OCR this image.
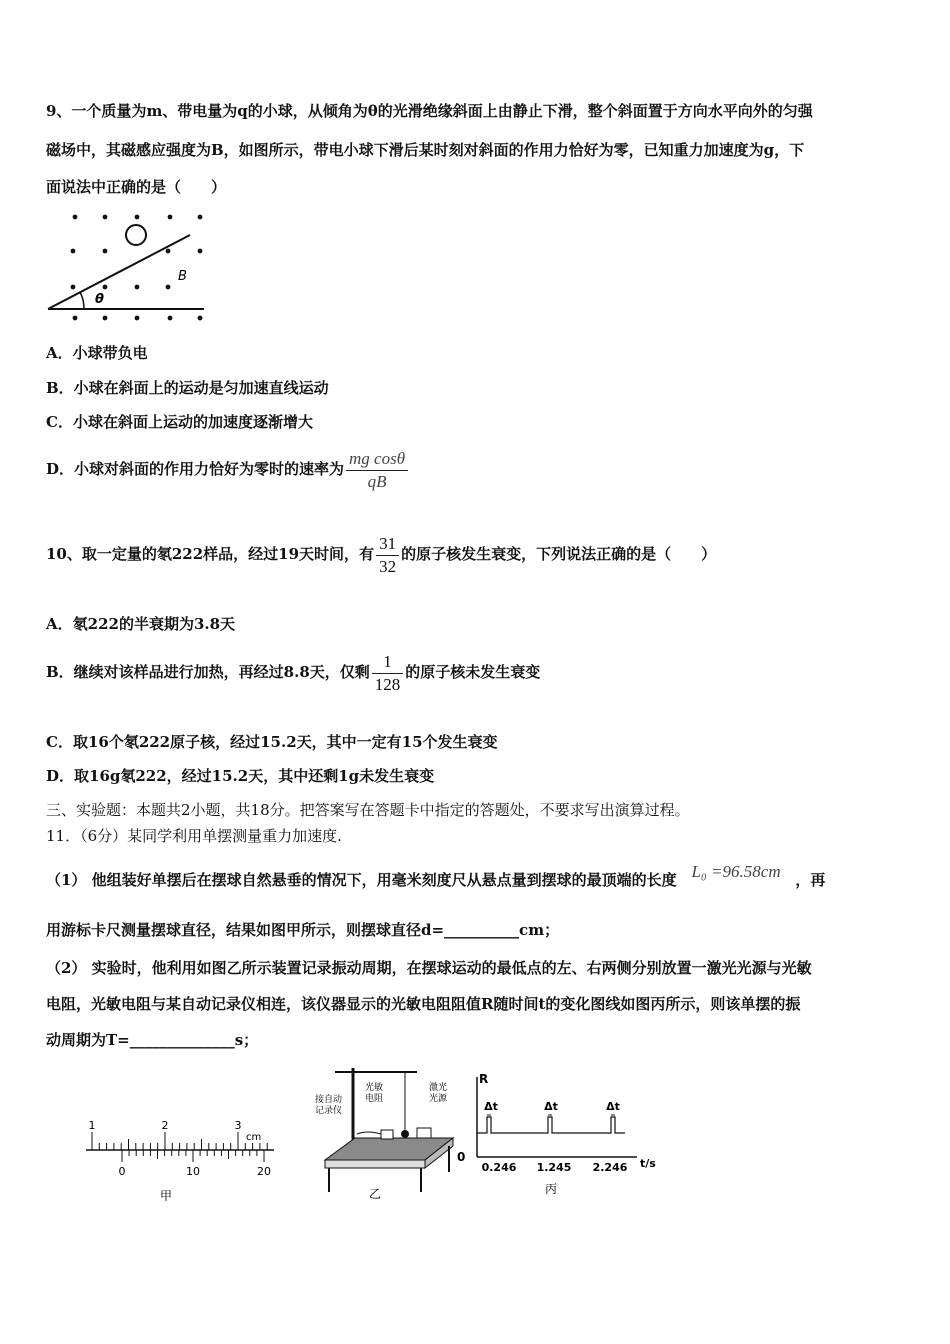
9、一个质量为m、带电量为q的小球，从倾角为θ的光滑绝缘斜面上由静止下滑，整个斜面置于方向水平向外的匀强
磁场中，其磁感应强度为B，如图所示，带电小球下滑后某时刻对斜面的作用力恰好为零，已知重力加速度为g，下
面说法中正确的是（　　）
θ
B
A．小球带负电
B．小球在斜面上的运动是匀加速直线运动
C．小球在斜面上运动的加速度逐渐增大
D．小球对斜面的作用力恰好为零时的速率为 $\frac{\text{mg cosθ}}{qB}$
10、取一定量的氡222样品，经过19天时间，有 $\frac{31}{32}$ 的原子核发生衰变，下列说法正确的是（　　）
A．氡222的半衰期为3.8天
B．继续对该样品进行加热，再经过8.8天，仅剩 $\frac{1}{128}$ 的原子核未发生衰变
C．取16个氡222原子核，经过15.2天，其中一定有15个发生衰变
D．取16g氡222，经过15.2天，其中还剩1g未发生衰变
三、实验题：本题共2小题，共18分。把答案写在答题卡中指定的答题处，不要求写出演算过程。
11．（6分）某同学利用单摆测量重力加速度.
（1） 他组装好单摆后在摆球自然悬垂的情况下，用毫米刻度尺从悬点量到摆球的最顶端的长度 L₀ =96.58cm ，再
用游标卡尺测量摆球直径，结果如图甲所示，则摆球直径d=__________cm；
（2） 实验时，他利用如图乙所示装置记录振动周期，在摆球运动的最低点的左、右两侧分别放置一激光光源与光敏
电阻，光敏电阻与某自动记录仪相连，该仪器显示的光敏电阻阻值R随时间t的变化图线如图丙所示，则该单摆的振
动周期为T=______________s；
1	2	3
cm
0	10	20
甲
接自动
记录仪
光敏
电阻
激光
光源
乙
R
t/s
0
Δt	Δt	Δt
0.246 1.245 2.246
丙
